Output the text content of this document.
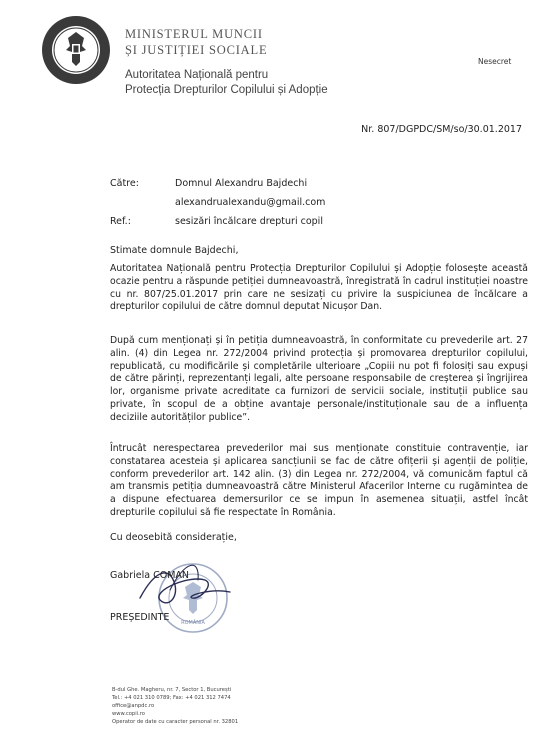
MINISTERUL MUNCII
ȘI JUSTIȚIEI SOCIALE
Autoritatea Națională pentru
Protecția Drepturilor Copilului și Adopție
Nesecret
Nr. 807/DGPDC/SM/so/30.01.2017
Către:	Domnul Alexandru Bajdechi
alexandrualexandu@gmail.com
Ref.:	sesizări încălcare drepturi copil
Stimate domnule Bajdechi,
Autoritatea Națională pentru Protecția Drepturilor Copilului și Adopție folosește această ocazie pentru a răspunde petiției dumneavoastră, înregistrată în cadrul instituției noastre cu nr. 807/25.01.2017 prin care ne sesizați cu privire la suspiciunea de încălcare a drepturilor copilului de către domnul deputat Nicușor Dan.
După cum menționați și în petiția dumneavoastră, în conformitate cu prevederile art. 27 alin. (4) din Legea nr. 272/2004 privind protecția și promovarea drepturilor copilului, republicată, cu modificările și completările ulterioare „Copiii nu pot fi folosiți sau expuși de către părinți, reprezentanți legali, alte persoane responsabile de creșterea și îngrijirea lor, organisme private acreditate ca furnizori de servicii sociale, instituții publice sau private, în scopul de a obține avantaje personale/instituționale sau de a influența deciziile autorităților publice”.
Întrucât nerespectarea prevederilor mai sus menționate constituie contravenție, iar constatarea acesteia și aplicarea sancțiunii se fac de către ofițerii și agenții de poliție, conform prevederilor art. 142 alin. (3) din Legea nr. 272/2004, vă comunicăm faptul că am transmis petiția dumneavoastră către Ministerul Afacerilor Interne cu rugămintea de a dispune efectuarea demersurilor ce se impun în asemenea situații, astfel încât drepturile copilului să fie respectate în România.
Cu deosebită considerație,
ROMÂNIA
Gabriela COMAN
PREȘEDINTE
B-dul Ghe. Magheru, nr. 7, Sector 1, București
Tel.: +4 021 310 0789; Fax: +4 021 312 7474
office@anpdc.ro
www.copii.ro
Operator de date cu caracter personal nr. 32801
